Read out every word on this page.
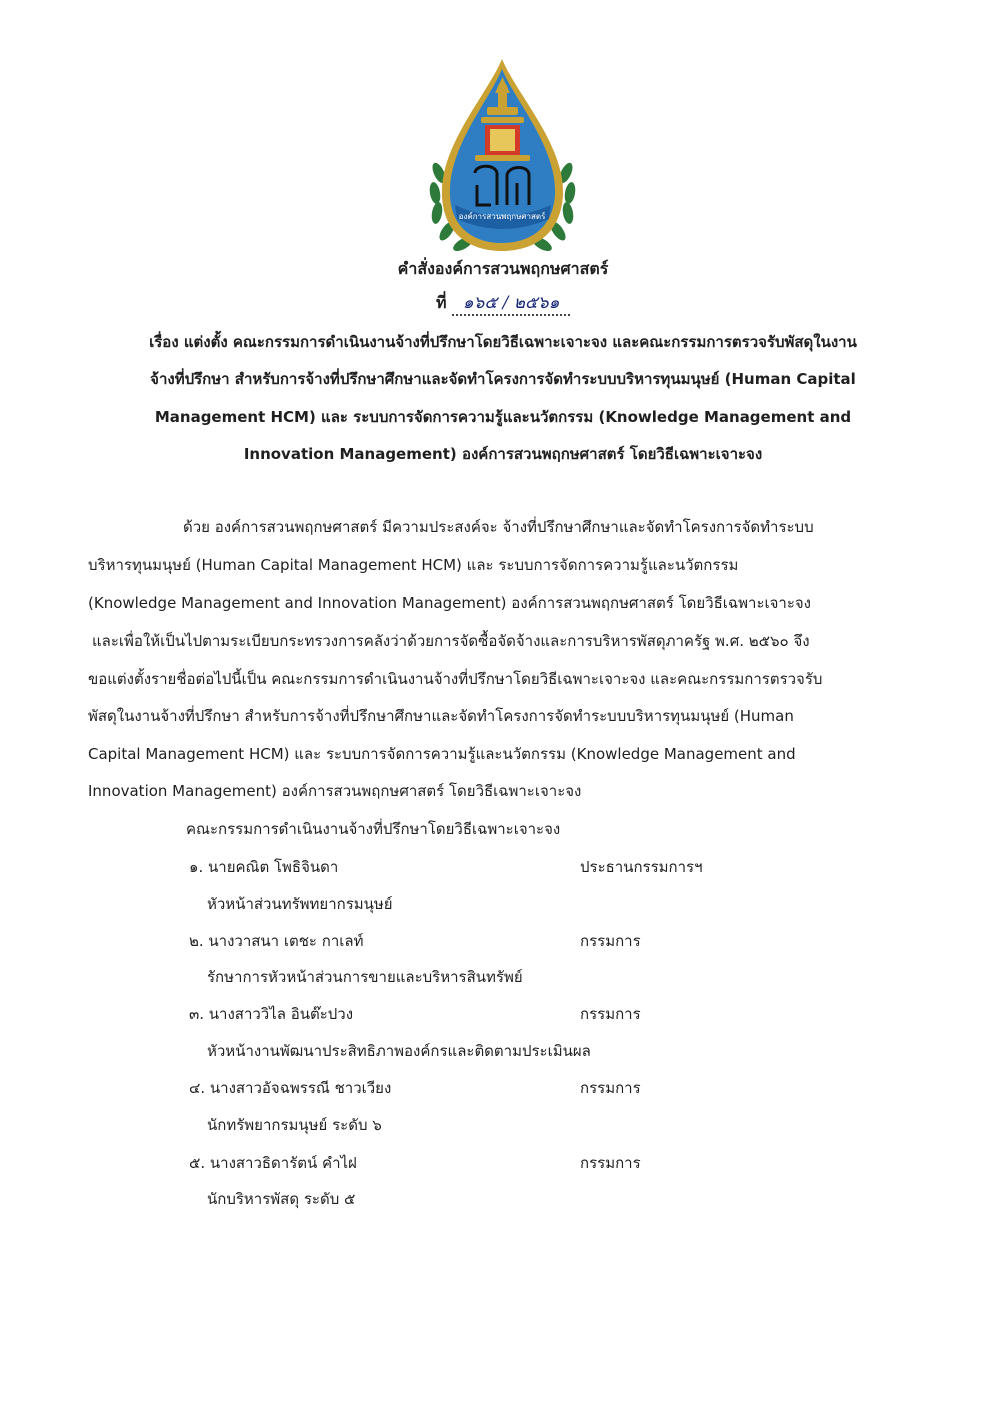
องค์การสวนพฤกษศาสตร์
คำสั่งองค์การสวนพฤกษศาสตร์
ที่ ๑๖๕ / ๒๕๖๑
เรื่อง แต่งตั้ง คณะกรรมการดำเนินงานจ้างที่ปรึกษาโดยวิธีเฉพาะเจาะจง และคณะกรรมการตรวจรับพัสดุในงาน
จ้างที่ปรึกษา สำหรับการจ้างที่ปรึกษาศึกษาและจัดทำโครงการจัดทำระบบบริหารทุนมนุษย์ (Human Capital
Management HCM) และ ระบบการจัดการความรู้และนวัตกรรม (Knowledge Management and
Innovation Management) องค์การสวนพฤกษศาสตร์ โดยวิธีเฉพาะเจาะจง
ด้วย องค์การสวนพฤกษศาสตร์ มีความประสงค์จะ จ้างที่ปรึกษาศึกษาและจัดทำโครงการจัดทำระบบ
บริหารทุนมนุษย์ (Human Capital Management HCM) และ ระบบการจัดการความรู้และนวัตกรรม
(Knowledge Management and Innovation Management) องค์การสวนพฤกษศาสตร์ โดยวิธีเฉพาะเจาะจง
และเพื่อให้เป็นไปตามระเบียบกระทรวงการคลังว่าด้วยการจัดซื้อจัดจ้างและการบริหารพัสดุภาครัฐ พ.ศ. ๒๕๖๐ จึง
ขอแต่งตั้งรายชื่อต่อไปนี้เป็น คณะกรรมการดำเนินงานจ้างที่ปรึกษาโดยวิธีเฉพาะเจาะจง และคณะกรรมการตรวจรับ
พัสดุในงานจ้างที่ปรึกษา สำหรับการจ้างที่ปรึกษาศึกษาและจัดทำโครงการจัดทำระบบบริหารทุนมนุษย์ (Human
Capital Management HCM) และ ระบบการจัดการความรู้และนวัตกรรม (Knowledge Management and
Innovation Management) องค์การสวนพฤกษศาสตร์ โดยวิธีเฉพาะเจาะจง
คณะกรรมการดำเนินงานจ้างที่ปรึกษาโดยวิธีเฉพาะเจาะจง
๑. นายคณิต โพธิจินดา	ประธานกรรมการฯ
หัวหน้าส่วนทรัพทยากรมนุษย์
๒. นางวาสนา เตชะ กาเลท์	กรรมการ
รักษาการหัวหน้าส่วนการขายและบริหารสินทรัพย์
๓. นางสาววิไล อินต๊ะปวง	กรรมการ
หัวหน้างานพัฒนาประสิทธิภาพองค์กรและติดตามประเมินผล
๔. นางสาวอัจฉพรรณี ชาวเวียง	กรรมการ
นักทรัพยากรมนุษย์ ระดับ ๖
๕. นางสาวธิดารัตน์ คำไฝ	กรรมการ
นักบริหารพัสดุ ระดับ ๕
